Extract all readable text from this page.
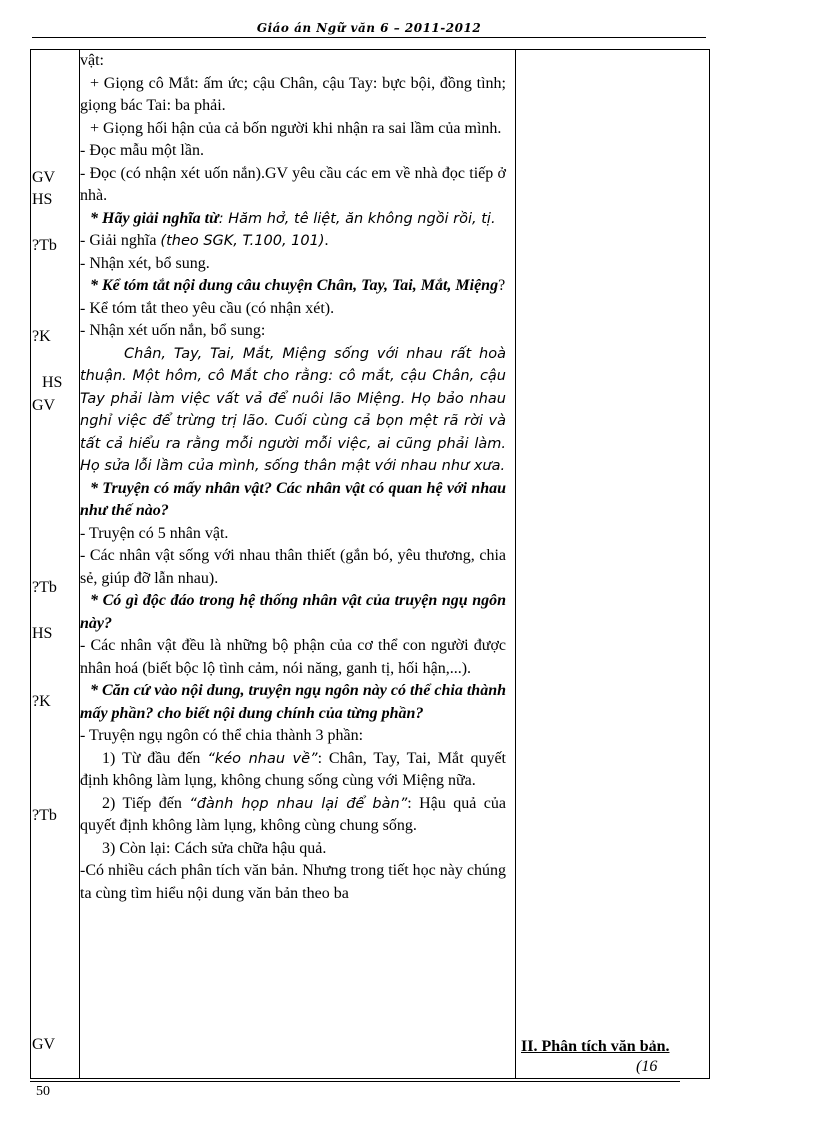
Giáo án Ngữ văn 6 – 2011-2012
GV
HS
?Tb
?K
HS
GV
?Tb
HS
?K
?Tb
GV

vật:

+ Giọng cô Mắt: ấm ức; cậu Chân, cậu Tay: bực bội, đồng tình; giọng bác Tai: ba phải.

+ Giọng hối hận của cả bốn người khi nhận ra sai lầm của mình.

- Đọc mẫu một lần.

- Đọc (có nhận xét uốn nắn).GV yêu cầu các em về nhà đọc tiếp ở nhà.

* Hãy giải nghĩa từ: Hăm hở, tê liệt, ăn không ngồi rồi, tị.

- Giải nghĩa (theo SGK, T.100, 101).

- Nhận xét, bổ sung.

* Kể tóm tắt nội dung câu chuyện Chân, Tay, Tai, Mắt, Miệng?

- Kể tóm tắt theo yêu cầu (có nhận xét).

- Nhận xét uốn nắn, bổ sung:

Chân, Tay, Tai, Mắt, Miệng sống với nhau rất hoà thuận. Một hôm, cô Mắt cho rằng: cô mắt, cậu Chân, cậu Tay phải làm việc vất vả để nuôi lão Miệng. Họ bảo nhau nghỉ việc để trừng trị lão. Cuối cùng cả bọn mệt rã rời và tất cả hiểu ra rằng mỗi người mỗi việc, ai cũng phải làm. Họ sửa lỗi lầm của mình, sống thân mật với nhau như xưa.

* Truyện có mấy nhân vật? Các nhân vật có quan hệ với nhau như thế nào?

- Truyện có 5 nhân vật.

- Các nhân vật sống với nhau thân thiết (gắn bó, yêu thương, chia sẻ, giúp đỡ lẫn nhau).

* Có gì độc đáo trong hệ thống nhân vật của truyện ngụ ngôn này?

- Các nhân vật đều là những bộ phận của cơ thể con người được nhân hoá (biết bộc lộ tình cảm, nói năng, ganh tị, hối hận,...).

* Căn cứ vào nội dung, truyện ngụ ngôn này có thể chia thành mấy phần? cho biết nội dung chính của từng phần?

- Truyện ngụ ngôn có thể chia thành 3 phần:

1) Từ đầu đến “kéo nhau về”: Chân, Tay, Tai, Mắt quyết định không làm lụng, không chung sống cùng với Miệng nữa.

2) Tiếp đến “đành họp nhau lại để bàn”: Hậu quả của quyết định không làm lụng, không cùng chung sống.

3) Còn lại: Cách sửa chữa hậu quả.

-Có nhiều cách phân tích văn bản. Nhưng trong tiết học này chúng ta cùng tìm hiểu nội dung văn bản theo ba

II. Phân tích văn bản.
(16
50
